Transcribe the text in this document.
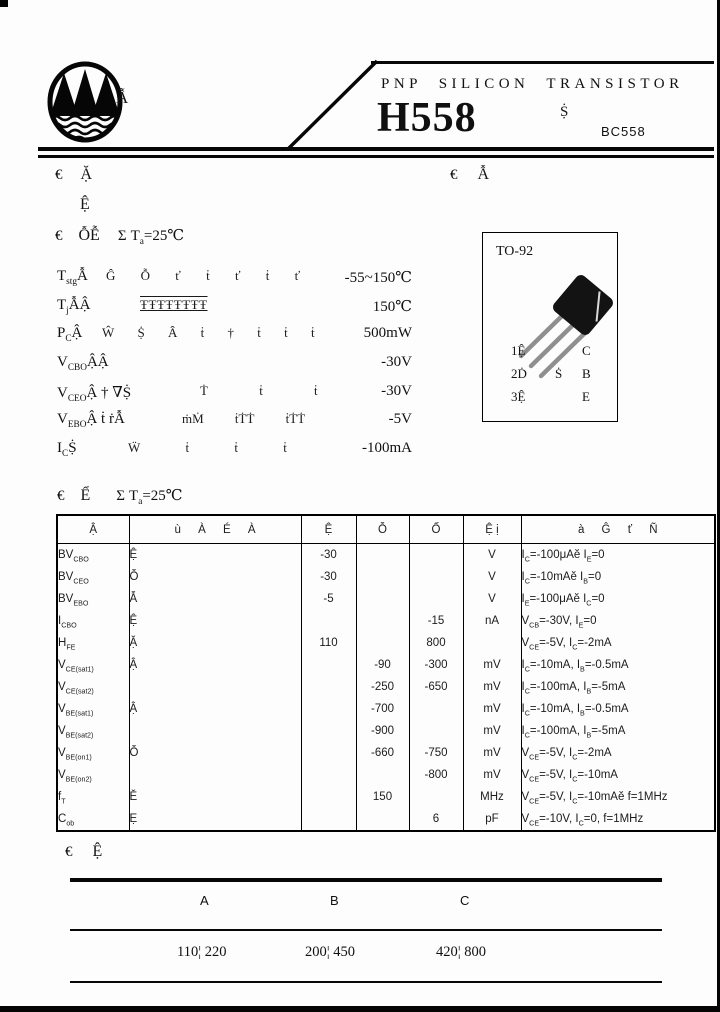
Ẫ
PNP SILICON TRANSISTOR
H558	Ṩ
BC558
€ Ặ	€ Ẫ
Ệ
€ ỖỄ Σ $T_a=25℃$
$T_{stg}Ẫ$ Ĝ Ỗ ť ṫ ť ṫ ť	-55~150℃
$T_jẪẬ$	ŦŦŦŦŦŦŦŦ	150℃
$P_CẬ$ Ŵ Ṩ Â ṫ † ṫ ṫ ṫ	500mW
$V_{CBO}ẬẬ$	-30V
$V_{CEO}Ậ$ † ∇Ṩ	Ṫ ṫ ṫ	-30V
$V_{EBO}Ậ$ ṫ ṙẪ	ṁṀ ṫṪṪ ṫṪṪ	-5V
$I_CṨ$	Ẅ ṫ ṫ ṫ	-100mA
TO-92
1Ệ	C
2Ḋ Ṡ B
3Ệ	E
€ Ể Σ $T_a=25℃$
Ậ	ù À É À	Ệ	Ỗ	Ố	Ệ ị	à Ĝ ť Ñ
$BV_{CBO}$	Ệ	-30			V	$I_C=-100\mu Aĕ$ $I_E=0$
$BV_{CEO}$	Ỗ	-30			V	$I_C=-10mAĕ$ $I_B=0$
$BV_{EBO}$	Ẫ	-5			V	$I_E=-100\mu Aĕ$ $I_C=0$
$I_{CBO}$	Ệ			-15	nA	$V_{CB}=-30V$, $I_E=0$
$H_{FE}$	Ặ	110		800		$V_{CE}=-5V$, $I_C=-2mA$
$V_{CE(sat1)}$	Ậ		-90	-300	mV	$I_C=-10mA$, $I_B=-0.5mA$
$V_{CE(sat2)}$			-250	-650	mV	$I_C=-100mA$, $I_B=-5mA$
$V_{BE(sat1)}$	Ậ		-700		mV	$I_C=-10mA$, $I_B=-0.5mA$
$V_{BE(sat2)}$			-900		mV	$I_C=-100mA$, $I_B=-5mA$
$V_{BE(on1)}$	Ỗ		-660	-750	mV	$V_{CE}=-5V$, $I_C=-2mA$
$V_{BE(on2)}$				-800	mV	$V_{CE}=-5V$, $I_C=-10mA$
$f_T$	Ě		150		MHz	$V_{CE}=-5V$, $I_C=-10mAĕ$ f=1MHz
$C_{ob}$	Ẹ			6	pF	$V_{CE}=-10V$, $I_C=0$, f=1MHz
€ Ệ
A	B	C
110¦ 220	200¦ 450	420¦ 800
